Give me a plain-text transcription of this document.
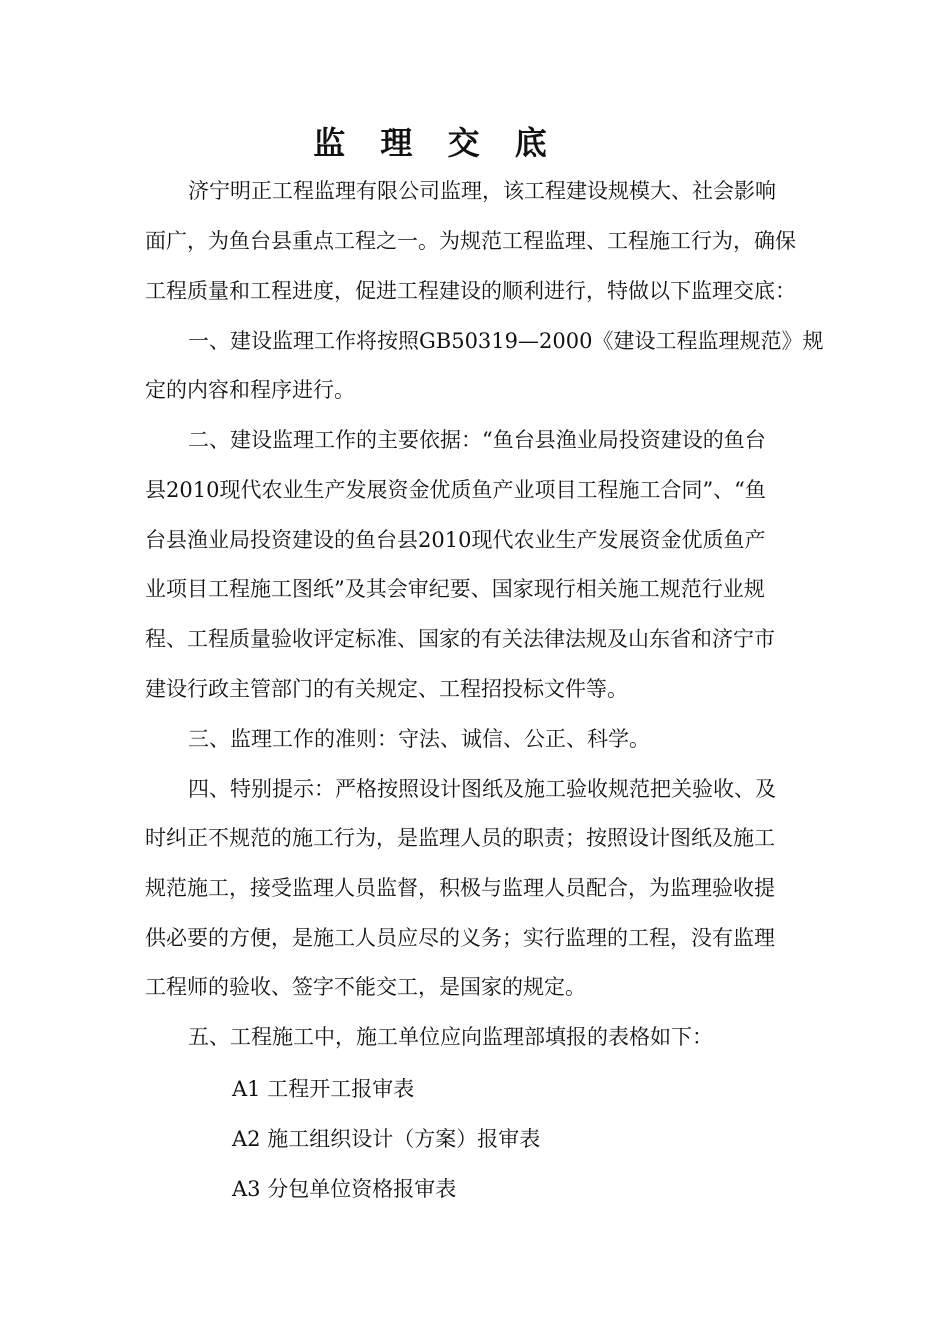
监 理 交 底
济宁明正工程监理有限公司监理，该工程建设规模大、社会影响
面广，为鱼台县重点工程之一。为规范工程监理、工程施工行为，确保
工程质量和工程进度，促进工程建设的顺利进行，特做以下监理交底：
一、建设监理工作将按照GB50319—2000《建设工程监理规范》规
定的内容和程序进行。
二、建设监理工作的主要依据：“鱼台县渔业局投资建设的鱼台
县2010现代农业生产发展资金优质鱼产业项目工程施工合同”、“鱼
台县渔业局投资建设的鱼台县2010现代农业生产发展资金优质鱼产
业项目工程施工图纸”及其会审纪要、国家现行相关施工规范行业规
程、工程质量验收评定标准、国家的有关法律法规及山东省和济宁市
建设行政主管部门的有关规定、工程招投标文件等。
三、监理工作的准则：守法、诚信、公正、科学。
四、特别提示：严格按照设计图纸及施工验收规范把关验收、及
时纠正不规范的施工行为，是监理人员的职责；按照设计图纸及施工
规范施工，接受监理人员监督，积极与监理人员配合，为监理验收提
供必要的方便，是施工人员应尽的义务；实行监理的工程，没有监理
工程师的验收、签字不能交工，是国家的规定。
五、工程施工中，施工单位应向监理部填报的表格如下：
A1 工程开工报审表
A2 施工组织设计（方案）报审表
A3 分包单位资格报审表
